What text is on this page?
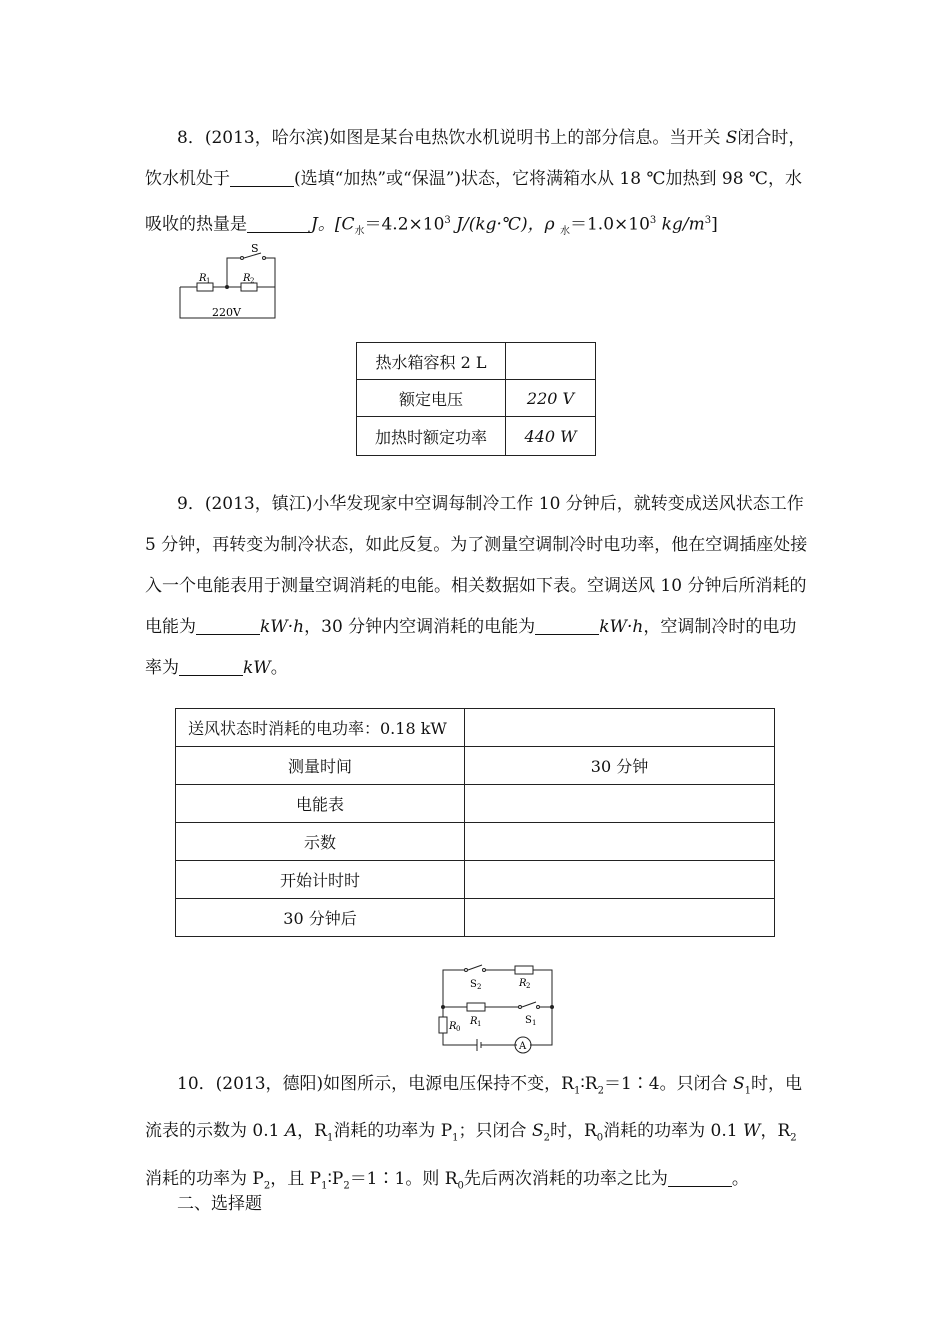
8．(2013，哈尔滨)如图是某台电热饮水机说明书上的部分信息。当开关 S闭合时，饮水机处于	(选填“加热”或“保温”)状态，它将满箱水从 18 ℃加热到 98 ℃，水吸收的热量是	J。[$C_水=4.2\times 10^3$ J/(kg·℃)，ρ $_水=1.0\times 10^3$ $kg/m^3$]
S
R 1	R 2
220V
热水箱容积 2 L	
额定电压	220 V
加热时额定功率	440 W
9．(2013，镇江)小华发现家中空调每制冷工作 10 分钟后，就转变成送风状态工作 5 分钟，再转变为制冷状态，如此反复。为了测量空调制冷时电功率，他在空调插座处接入一个电能表用于测量空调消耗的电能。相关数据如下表。空调送风 10 分钟后所消耗的电能为	kW·h，30 分钟内空调消耗的电能为	kW·h，空调制冷时的电功率为	kW。
送风状态时消耗的电功率：0.18 kW	
测量时间	30 分钟
电能表	
示数	
开始计时时	
30 分钟后	
S 2	R 2
R 1	S 1
R 0
A
10．(2013，德阳)如图所示，电源电压保持不变，$R_1∶R_2=1∶4$。只闭合 $S_1$时，电流表的示数为 0.1 A，$R_1$消耗的功率为 $P_1$；只闭合 $S_2$时，$R_0$消耗的功率为 0.1 W，$R_2$消耗的功率为 $P_2$，且 $P_1∶P_2=1∶1$。则 $R_0$先后两次消耗的功率之比为	。
二、选择题
